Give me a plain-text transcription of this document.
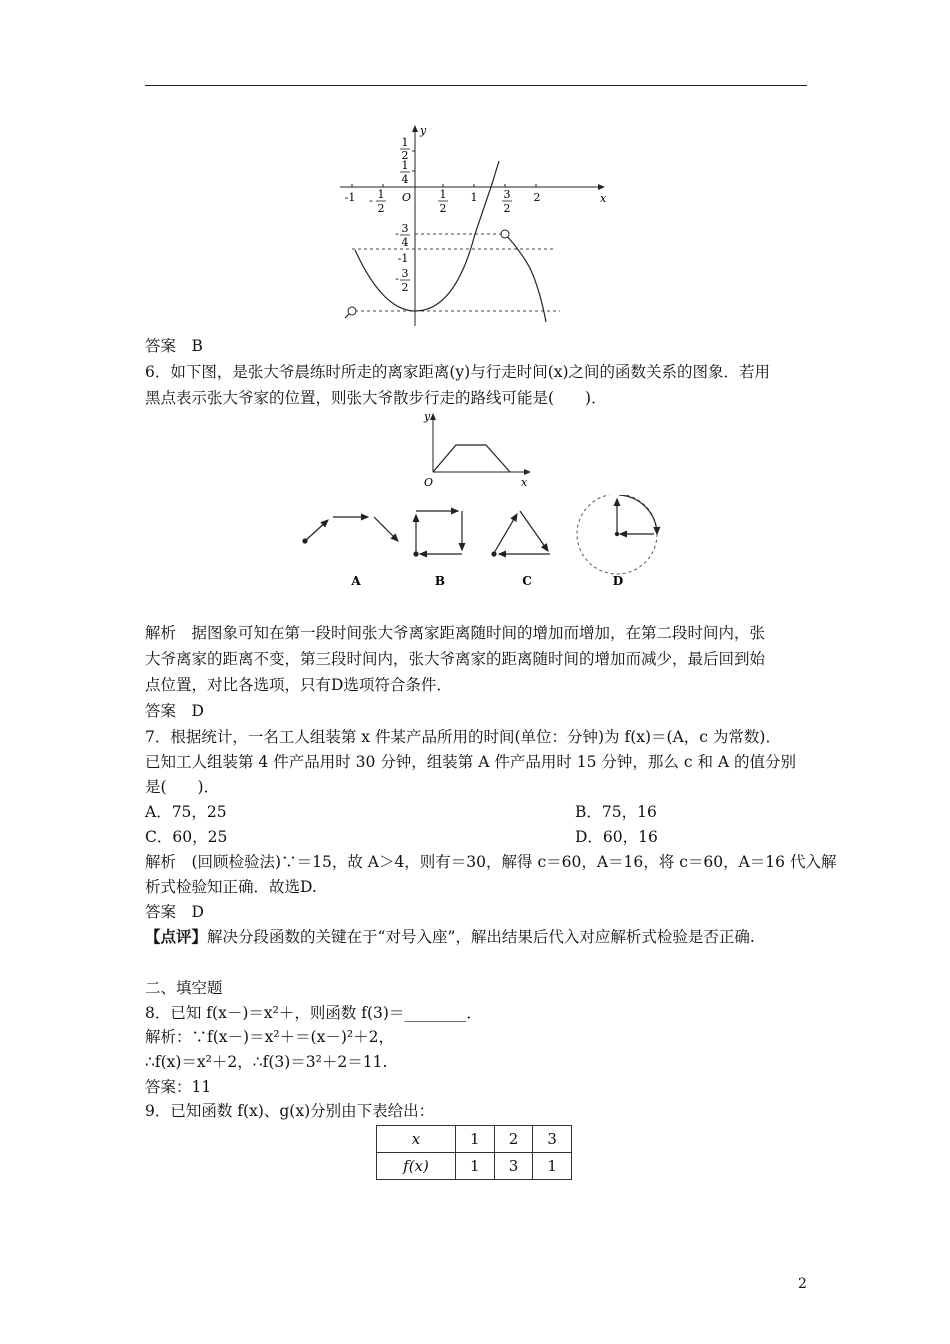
x
y
O
-1 - 1
2
1
2
1 3
2
2
1
2
1
4
- 3
4
-1
- 3
2
答案　B
6．如下图，是张大爷晨练时所走的离家距离(y)与行走时间(x)之间的函数关系的图象．若用
黑点表示张大爷家的位置，则张大爷散步行走的路线可能是(　　)．
x
y
O
A	B	C	D
解析　据图象可知在第一段时间张大爷离家距离随时间的增加而增加，在第二段时间内，张
大爷离家的距离不变，第三段时间内，张大爷离家的距离随时间的增加而减少，最后回到始
点位置，对比各选项，只有D选项符合条件．
答案　D
7．根据统计，一名工人组装第 x 件某产品所用的时间(单位：分钟)为 f(x)＝(A，c 为常数)．
已知工人组装第 4 件产品用时 30 分钟，组装第 A 件产品用时 15 分钟，那么 c 和 A 的值分别
是(　　)．
A．75，25	B．75，16
C．60，25	D．60，16
解析　(回顾检验法)∵＝15，故 A＞4，则有＝30，解得 c＝60，A＝16，将 c＝60，A＝16 代入解
析式检验知正确．故选D.
答案　D
【点评】解决分段函数的关键在于“对号入座”，解出结果后代入对应解析式检验是否正确.
二、填空题
8．已知 f(x－)＝x²＋，则函数 f(3)＝________．
解析：∵f(x－)＝x²＋＝(x－)²＋2，
∴f(x)＝x²＋2，∴f(3)＝3²＋2＝11.
答案：11
9．已知函数 f(x)、g(x)分别由下表给出：
x	1	2	3
f(x)	1	3	1
2
